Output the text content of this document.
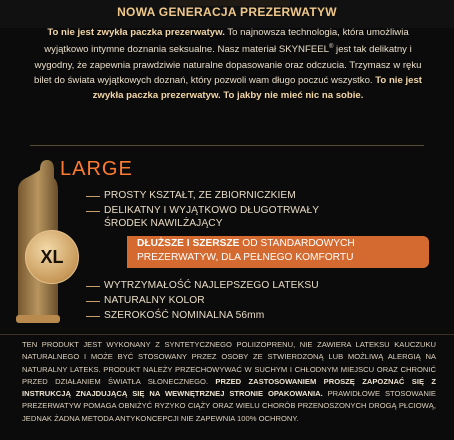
NOWA GENERACJA PREZERWATYW
To nie jest zwykła paczka prezerwatyw. To najnowsza technologia, która umożliwia wyjątkowo intymne doznania seksualne. Nasz materiał SKYNFEEL® jest tak delikatny i wygodny, że zapewnia prawdziwie naturalne dopasowanie oraz odczucia. Trzymasz w ręku bilet do świata wyjątkowych doznań, który pozwoli wam długo poczuć wszystko. To nie jest zwykła paczka prezerwatyw. To jakby nie mieć nic na sobie.
LARGE
XL
PROSTY KSZTAŁT, ZE ZBIORNICZKIEM
DELIKATNY I WYJĄTKOWO DŁUGOTRWAŁY
ŚRODEK NAWILŻAJĄCY
DŁUŻSZE I SZERSZE OD STANDARDOWYCH PREZERWATYW, DLA PEŁNEGO KOMFORTU
WYTRZYMAŁOŚĆ NAJLEPSZEGO LATEKSU
NATURALNY KOLOR
SZEROKOŚĆ NOMINALNA 56mm
TEN PRODUKT JEST WYKONANY Z SYNTETYCZNEGO POLIIZOPRENU, NIE ZAWIERA LATEKSU KAUCZUKU NATURALNEGO I MOŻE BYĆ STOSOWANY PRZEZ OSOBY ZE STWIERDZONĄ LUB MOŻLIWĄ ALERGIĄ NA NATURALNY LATEKS. PRODUKT NALEŻY PRZECHOWYWAĆ W SUCHYM I CHŁODNYM MIEJSCU ORAZ CHRONIĆ PRZED DZIAŁANIEM ŚWIATŁA SŁONECZNEGO. PRZED ZASTOSOWANIEM PROSZĘ ZAPOZNAĆ SIĘ Z INSTRUKCJĄ ZNAJDUJĄCĄ SIĘ NA WEWNĘTRZNEJ STRONIE OPAKOWANIA. PRAWIDŁOWE STOSOWANIE PREZERWATYW POMAGA OBNIŻYĆ RYZYKO CIĄŻY ORAZ WIELU CHORÓB PRZENOSZONYCH DROGĄ PŁCIOWĄ, JEDNAK ŻADNA METODA ANTYKONCEPCJI NIE ZAPEWNIA 100% OCHRONY.
